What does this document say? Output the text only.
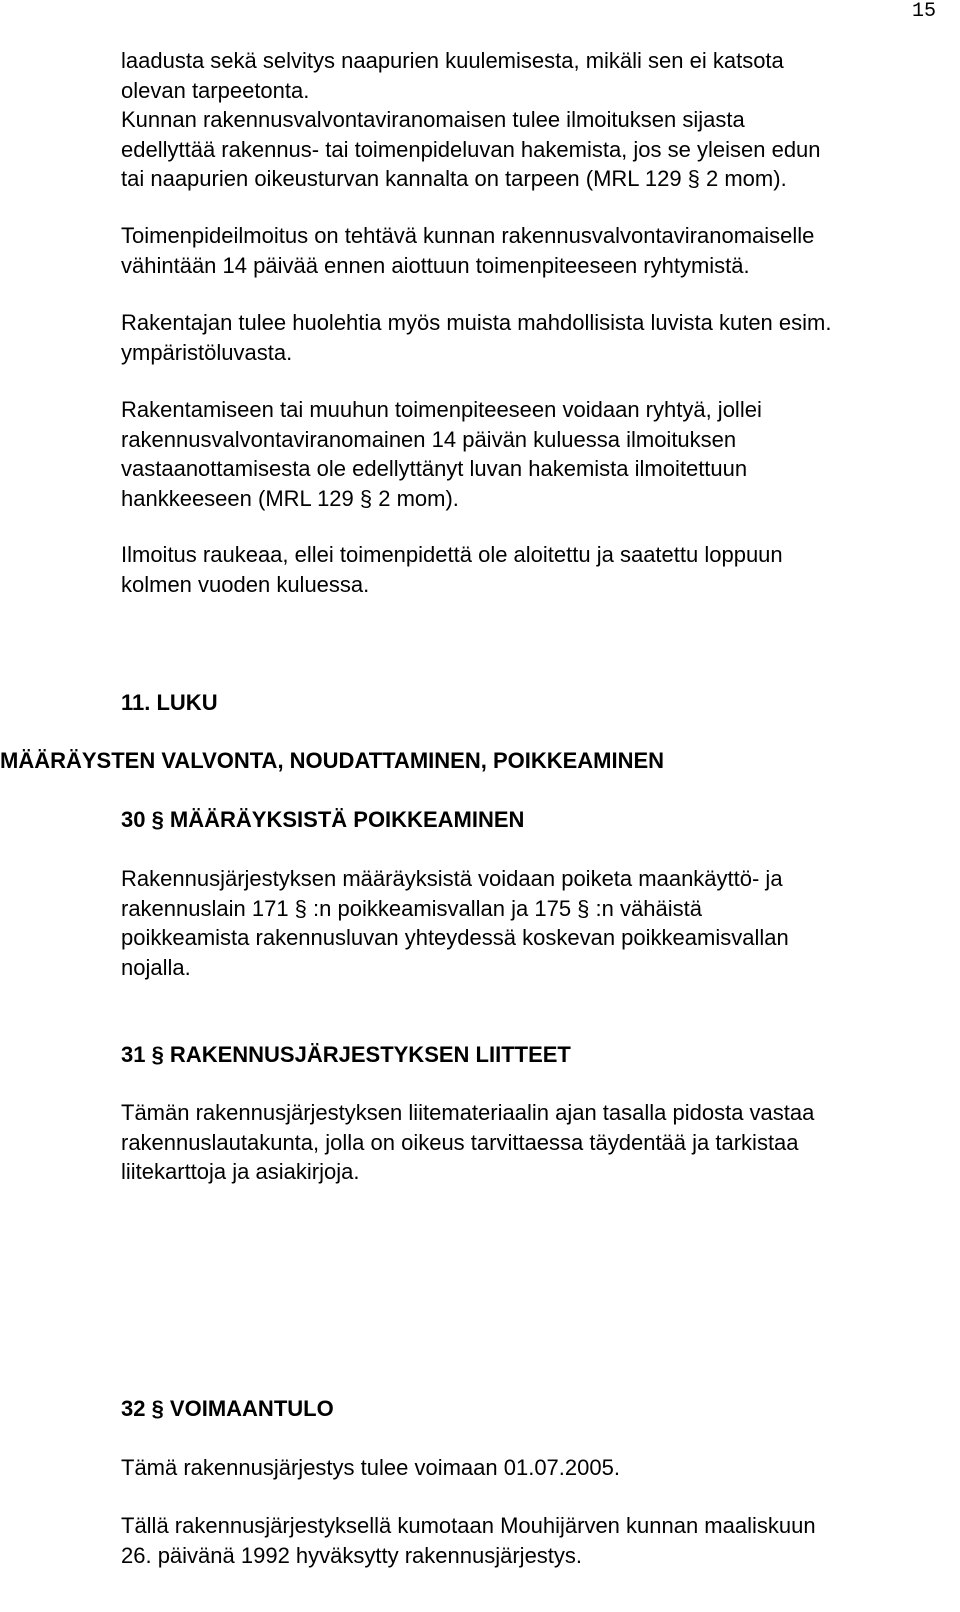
15

laadusta sekä selvitys naapurien kuulemisesta, mikäli sen ei katsota
olevan tarpeetonta.
Kunnan rakennusvalvontaviranomaisen tulee ilmoituksen sijasta
edellyttää rakennus- tai toimenpideluvan hakemista, jos se yleisen edun
tai naapurien oikeusturvan kannalta on tarpeen (MRL 129 § 2 mom).

Toimenpideilmoitus on tehtävä kunnan rakennusvalvontaviranomaiselle
vähintään 14 päivää ennen aiottuun toimenpiteeseen ryhtymistä.

Rakentajan tulee huolehtia myös muista mahdollisista luvista kuten esim.
ympäristöluvasta.

Rakentamiseen tai muuhun toimenpiteeseen voidaan ryhtyä, jollei
rakennusvalvontaviranomainen 14 päivän kuluessa ilmoituksen
vastaanottamisesta ole edellyttänyt luvan hakemista ilmoitettuun
hankkeeseen (MRL 129 § 2 mom).

Ilmoitus raukeaa, ellei toimenpidettä ole aloitettu ja saatettu loppuun
kolmen vuoden kuluessa.

11. LUKU

MÄÄRÄYSTEN VALVONTA, NOUDATTAMINEN, POIKKEAMINEN

30 § MÄÄRÄYKSISTÄ POIKKEAMINEN

Rakennusjärjestyksen määräyksistä voidaan poiketa maankäyttö- ja
rakennuslain 171 § :n poikkeamisvallan ja 175 § :n vähäistä
poikkeamista rakennusluvan yhteydessä koskevan poikkeamisvallan
nojalla.

31 § RAKENNUSJÄRJESTYKSEN LIITTEET

Tämän rakennusjärjestyksen liitemateriaalin ajan tasalla pidosta vastaa
rakennuslautakunta, jolla on oikeus tarvittaessa täydentää ja tarkistaa
liitekarttoja ja asiakirjoja.

32 § VOIMAANTULO

Tämä rakennusjärjestys tulee voimaan 01.07.2005.

Tällä rakennusjärjestyksellä kumotaan Mouhijärven kunnan maaliskuun
26. päivänä 1992 hyväksytty rakennusjärjestys.
